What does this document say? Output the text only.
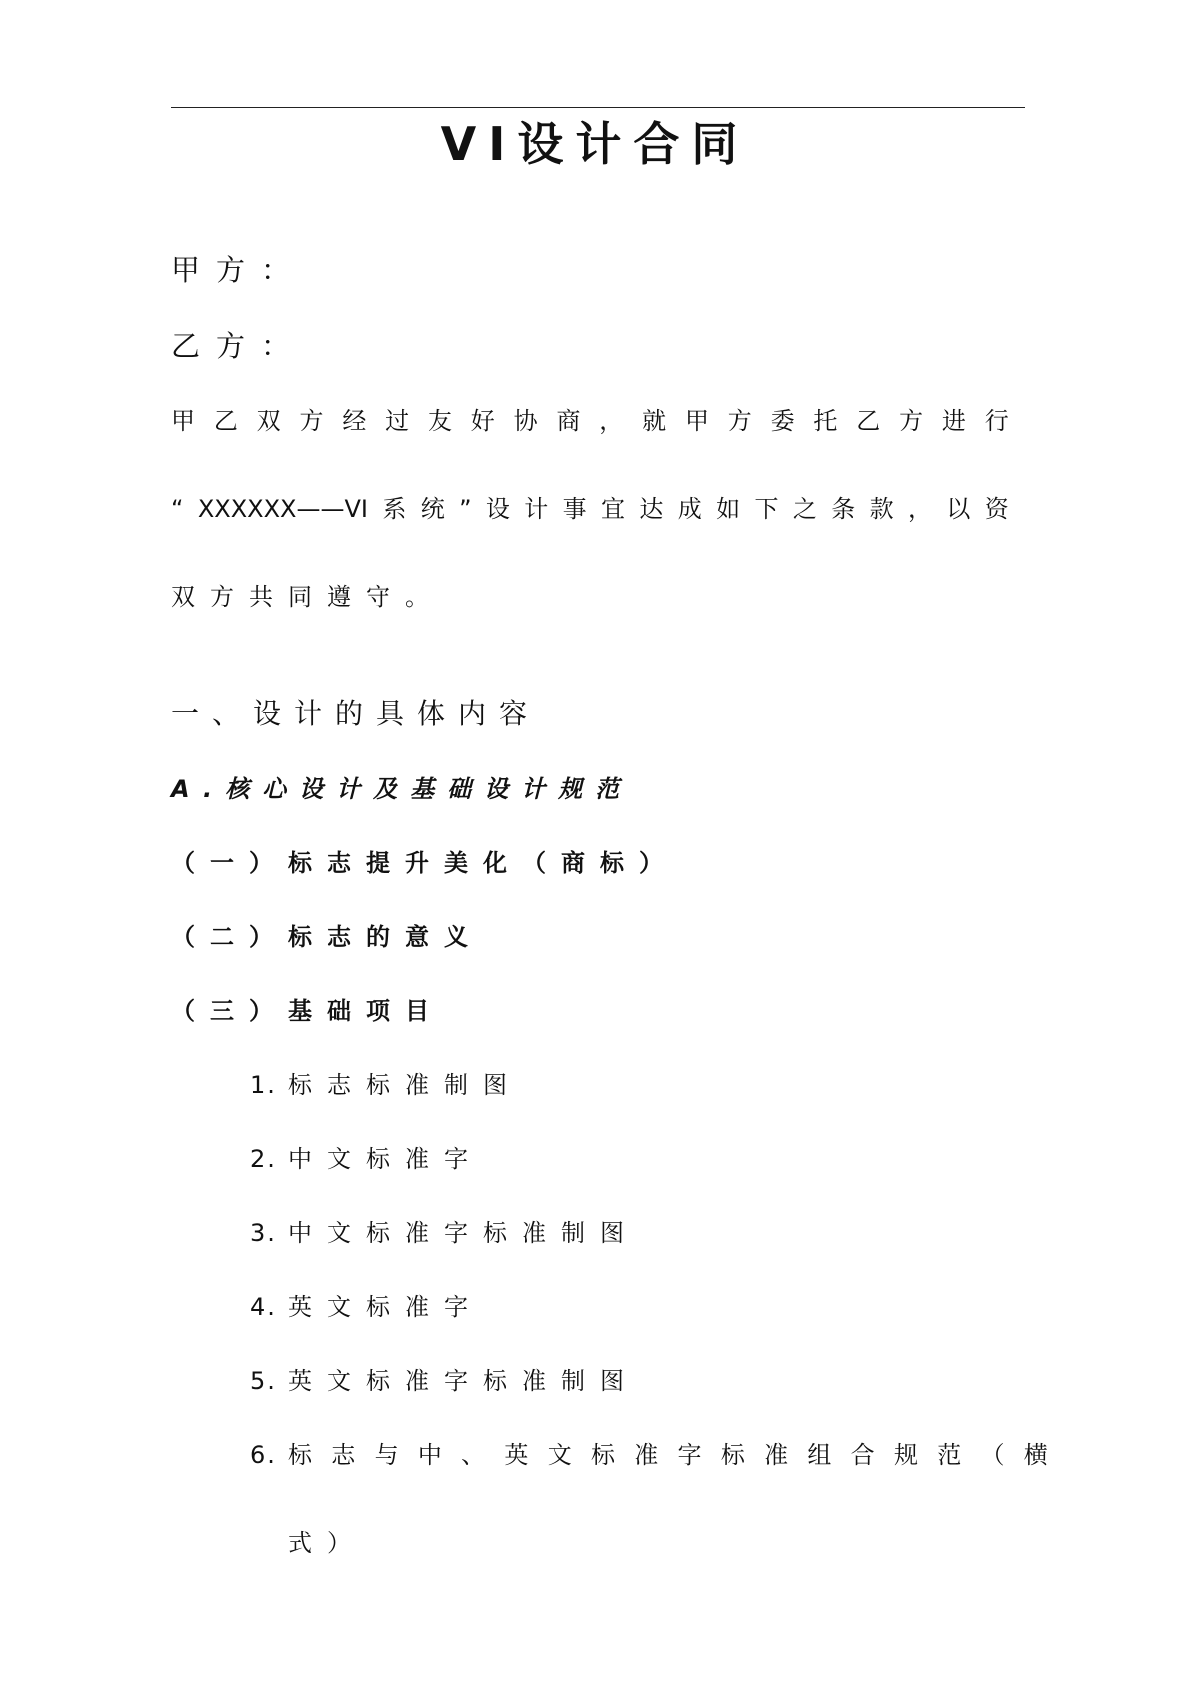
VI设计合同
甲方：
乙方：
甲 乙 双 方 经 过 友 好 协 商 ， 就 甲 方 委 托 乙 方 进 行
“ XXXXXX——VI 系 统 ” 设 计 事 宜 达 成 如 下 之 条 款 ， 以 资
双方共同遵守。
一、设计的具体内容
A.核心设计及基础设计规范
（一）标志提升美化（商标）
（二）标志的意义
（三）基础项目
1. 标志标准制图
2. 中文标准字
3. 中文标准字标准制图
4. 英文标准字
5. 英文标准字标准制图
6. 标 志 与 中 、 英 文 标 准 字 标 准 组 合 规 范 （ 横
式）
